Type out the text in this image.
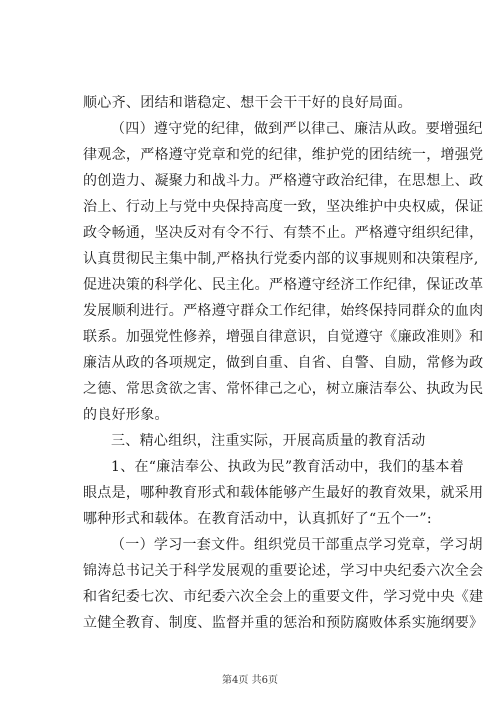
顺心齐、团结和谐稳定、想干会干干好的良好局面。
（四）遵守党的纪律，做到严以律己、廉洁从政。要增强纪
律观念，严格遵守党章和党的纪律，维护党的团结统一，增强党
的创造力、凝聚力和战斗力。严格遵守政治纪律，在思想上、政
治上、行动上与党中央保持高度一致，坚决维护中央权威，保证
政令畅通，坚决反对有令不行、有禁不止。严格遵守组织纪律，
认真贯彻民主集中制,严格执行党委内部的议事规则和决策程序,
促进决策的科学化、民主化。严格遵守经济工作纪律，保证改革
发展顺利进行。严格遵守群众工作纪律，始终保持同群众的血肉
联系。加强党性修养，增强自律意识，自觉遵守《廉政准则》和
廉洁从政的各项规定，做到自重、自省、自警、自励，常修为政
之德、常思贪欲之害、常怀律己之心，树立廉洁奉公、执政为民
的良好形象。
三、精心组织，注重实际，开展高质量的教育活动
1、在“廉洁奉公、执政为民”教育活动中，我们的基本着
眼点是，哪种教育形式和载体能够产生最好的教育效果，就采用
哪种形式和载体。在教育活动中，认真抓好了“五个一”:
（一）学习一套文件。组织党员干部重点学习党章，学习胡
锦涛总书记关于科学发展观的重要论述，学习中央纪委六次全会
和省纪委七次、市纪委六次全会上的重要文件，学习党中央《建
立健全教育、制度、监督并重的惩治和预防腐败体系实施纲要》
第4页 共6页
